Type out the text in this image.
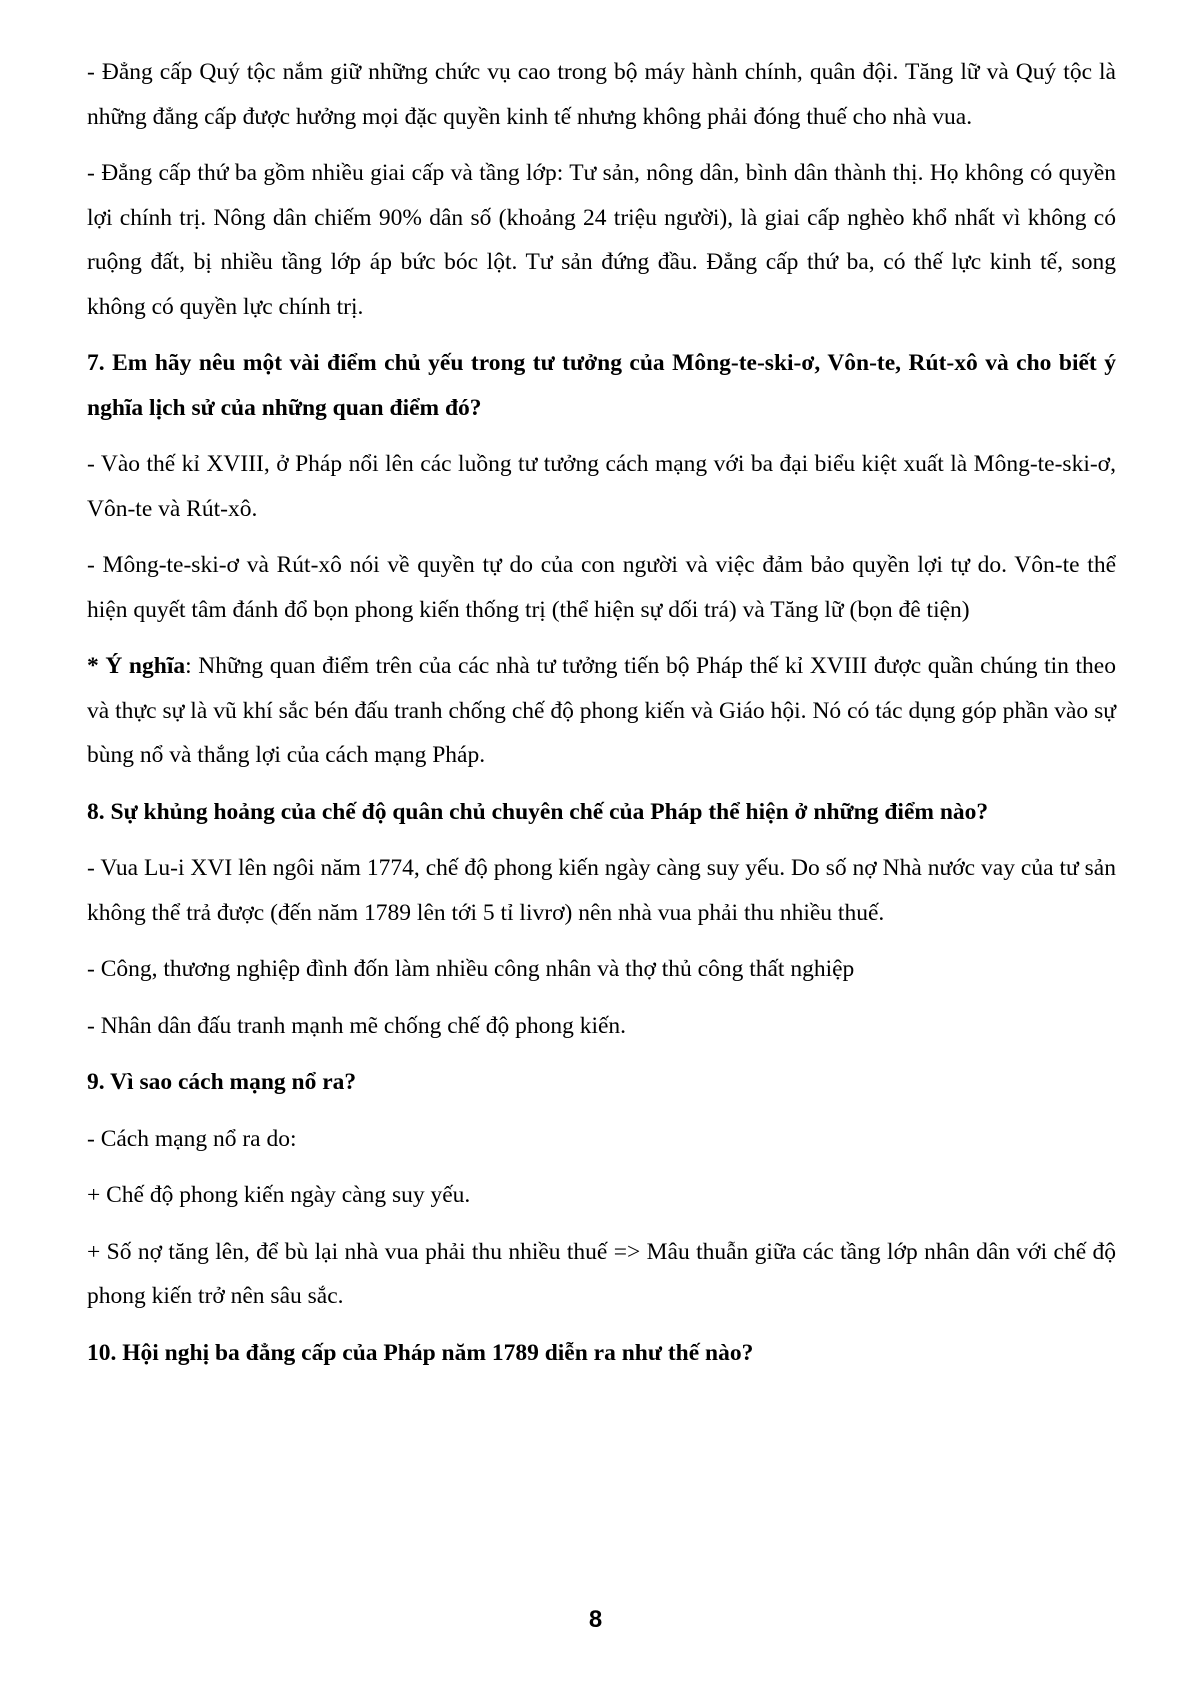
- Đẳng cấp Quý tộc nắm giữ những chức vụ cao trong bộ máy hành chính, quân đội. Tăng lữ và Quý tộc là những đẳng cấp được hưởng mọi đặc quyền kinh tế nhưng không phải đóng thuế cho nhà vua.

- Đẳng cấp thứ ba gồm nhiều giai cấp và tầng lớp: Tư sản, nông dân, bình dân thành thị. Họ không có quyền lợi chính trị. Nông dân chiếm 90% dân số (khoảng 24 triệu người), là giai cấp nghèo khổ nhất vì không có ruộng đất, bị nhiều tầng lớp áp bức bóc lột. Tư sản đứng đầu. Đẳng cấp thứ ba, có thế lực kinh tế, song không có quyền lực chính trị.

7. Em hãy nêu một vài điểm chủ yếu trong tư tưởng của Mông-te-ski-ơ, Vôn-te, Rút-xô và cho biết ý nghĩa lịch sử của những quan điểm đó?

- Vào thế kỉ XVIII, ở Pháp nổi lên các luồng tư tưởng cách mạng với ba đại biểu kiệt xuất là Mông-te-ski-ơ, Vôn-te và Rút-xô.

- Mông-te-ski-ơ và Rút-xô nói về quyền tự do của con người và việc đảm bảo quyền lợi tự do. Vôn-te thể hiện quyết tâm đánh đổ bọn phong kiến thống trị (thể hiện sự dối trá) và Tăng lữ (bọn đê tiện)

* Ý nghĩa: Những quan điểm trên của các nhà tư tưởng tiến bộ Pháp thế kỉ XVIII được quần chúng tin theo và thực sự là vũ khí sắc bén đấu tranh chống chế độ phong kiến và Giáo hội. Nó có tác dụng góp phần vào sự bùng nổ và thắng lợi của cách mạng Pháp.

8. Sự khủng hoảng của chế độ quân chủ chuyên chế của Pháp thể hiện ở những điểm nào?

- Vua Lu-i XVI lên ngôi năm 1774, chế độ phong kiến ngày càng suy yếu. Do số nợ Nhà nước vay của tư sản không thể trả được (đến năm 1789 lên tới 5 tỉ livrơ) nên nhà vua phải thu nhiều thuế.

- Công, thương nghiệp đình đốn làm nhiều công nhân và thợ thủ công thất nghiệp

- Nhân dân đấu tranh mạnh mẽ chống chế độ phong kiến.

9. Vì sao cách mạng nổ ra?

- Cách mạng nổ ra do:

+ Chế độ phong kiến ngày càng suy yếu.

+ Số nợ tăng lên, để bù lại nhà vua phải thu nhiều thuế => Mâu thuẫn giữa các tầng lớp nhân dân với chế độ phong kiến trở nên sâu sắc.

10. Hội nghị ba đẳng cấp của Pháp năm 1789 diễn ra như thế nào?

8
